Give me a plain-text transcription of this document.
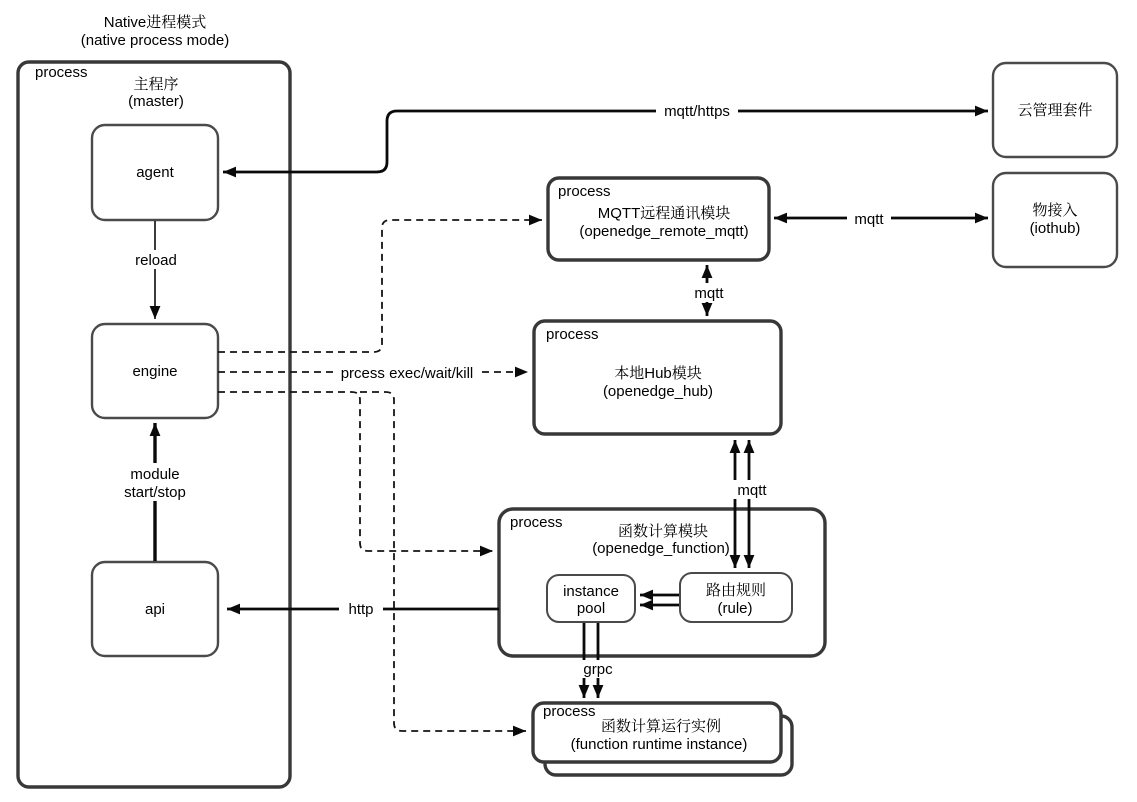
Native进程模式
(native process mode)
process
主程序
(master)
agent
engine
api
云管理套件
物接入
(iothub)
process
MQTT远程通讯模块
(openedge_remote_mqtt)
process
本地Hub模块
(openedge_hub)
process
函数计算模块
(openedge_function)
instance
pool
路由规则
(rule)
process
函数计算运行实例
(function runtime instance)
mqtt/https
mqtt
mqtt
prcess exec/wait/kill
mqtt
http
grpc
reload
module
start/stop
